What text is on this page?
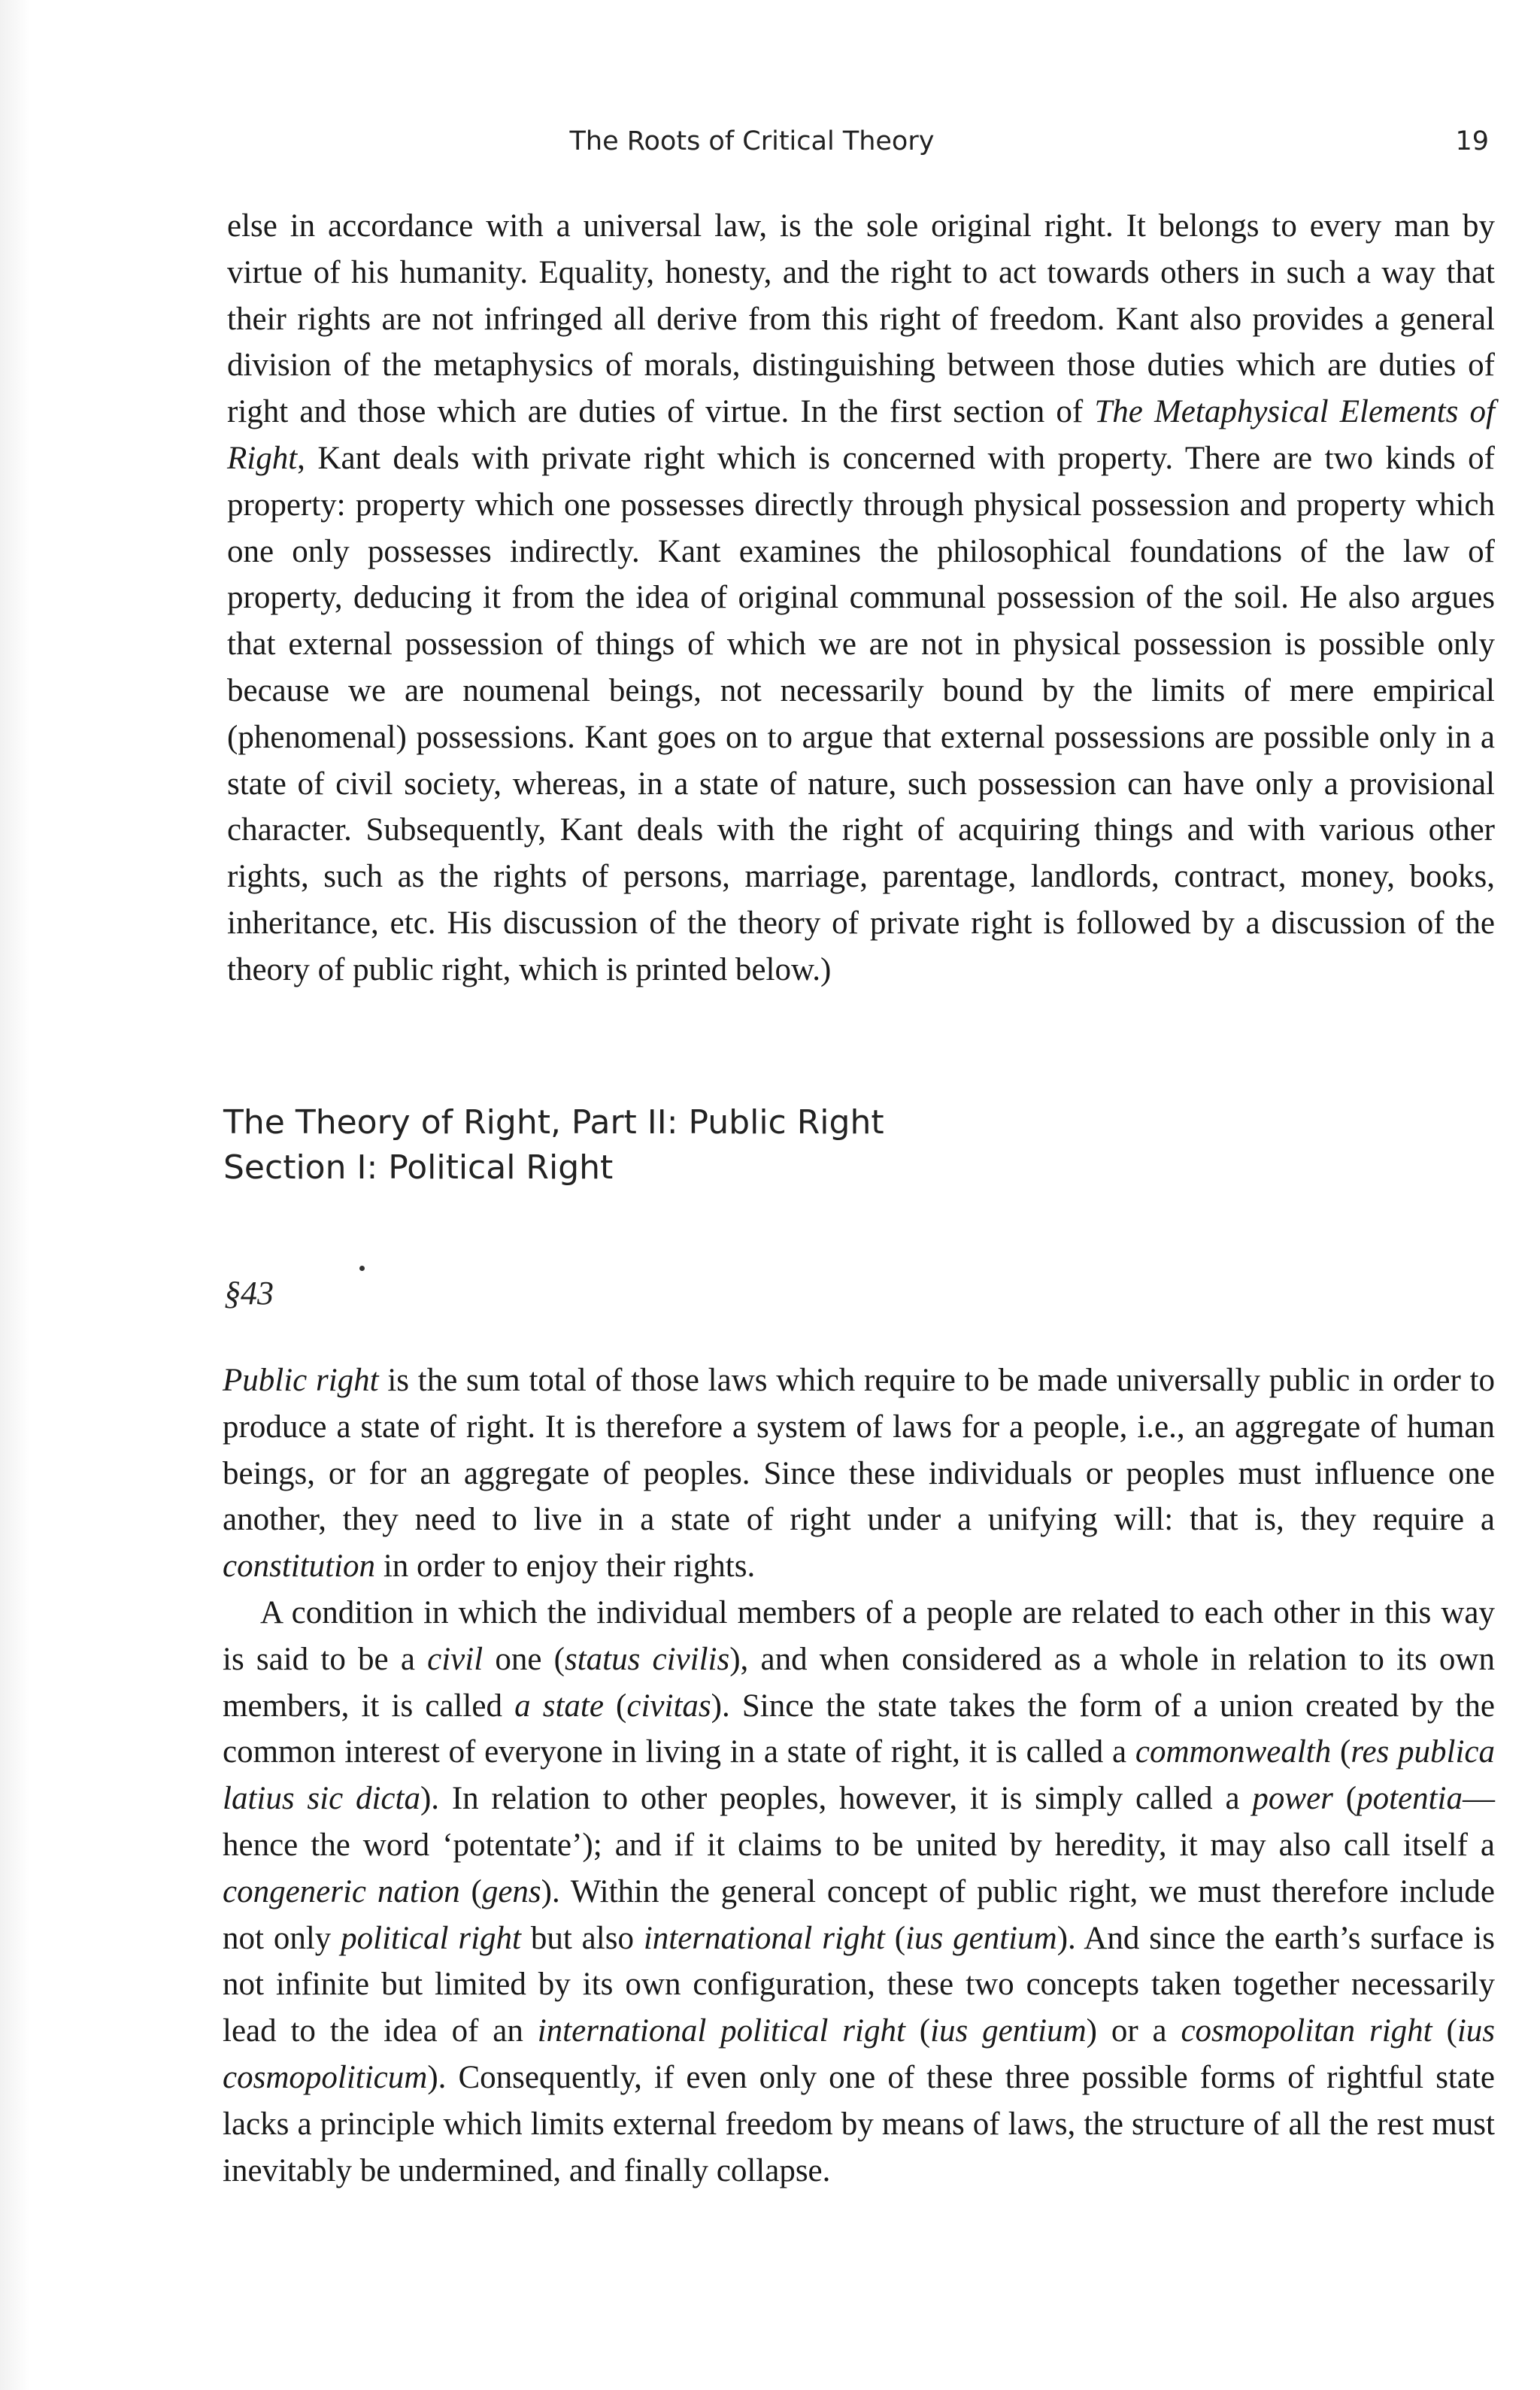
The Roots of Critical Theory	19
else in accordance with a universal law, is the sole original right. It belongs to every man by virtue of his humanity. Equality, honesty, and the right to act towards others in such a way that their rights are not infringed all derive from this right of freedom. Kant also provides a general division of the metaphysics of morals, distinguishing between those duties which are duties of right and those which are duties of virtue. In the first section of The Metaphysical Elements of Right, Kant deals with private right which is concerned with property. There are two kinds of property: property which one possesses directly through physical possession and property which one only possesses indirectly. Kant examines the philosophical foundations of the law of property, deducing it from the idea of original communal possession of the soil. He also argues that external possession of things of which we are not in physical possession is possible only because we are noumenal beings, not necessarily bound by the limits of mere empirical (phenomenal) possessions. Kant goes on to argue that external possessions are possible only in a state of civil society, whereas, in a state of nature, such possession can have only a provisional character. Subsequently, Kant deals with the right of acquiring things and with various other rights, such as the rights of persons, marriage, parentage, landlords, contract, money, books, inheritance, etc. His discussion of the theory of private right is followed by a discussion of the theory of public right, which is printed below.)
The Theory of Right, Part II: Public Right
Section I: Political Right
§43

Public right is the sum total of those laws which require to be made universally public in order to produce a state of right. It is therefore a system of laws for a people, i.e., an aggregate of human beings, or for an aggregate of peoples. Since these individuals or peoples must influence one another, they need to live in a state of right under a unifying will: that is, they require a constitution in order to enjoy their rights.

A condition in which the individual members of a people are related to each other in this way is said to be a civil one (status civilis), and when considered as a whole in relation to its own members, it is called a state (civitas). Since the state takes the form of a union created by the common interest of everyone in living in a state of right, it is called a commonwealth (res publica latius sic dicta). In relation to other peoples, however, it is simply called a power (potentia—hence the word ‘potentate’); and if it claims to be united by heredity, it may also call itself a congeneric nation (gens). Within the general concept of public right, we must therefore include not only political right but also international right (ius gentium). And since the earth’s surface is not infinite but limited by its own configuration, these two concepts taken together necessarily lead to the idea of an international political right (ius gentium) or a cosmopolitan right (ius cosmopoliticum). Consequently, if even only one of these three possible forms of rightful state lacks a principle which limits external freedom by means of laws, the structure of all the rest must inevitably be undermined, and finally collapse.
